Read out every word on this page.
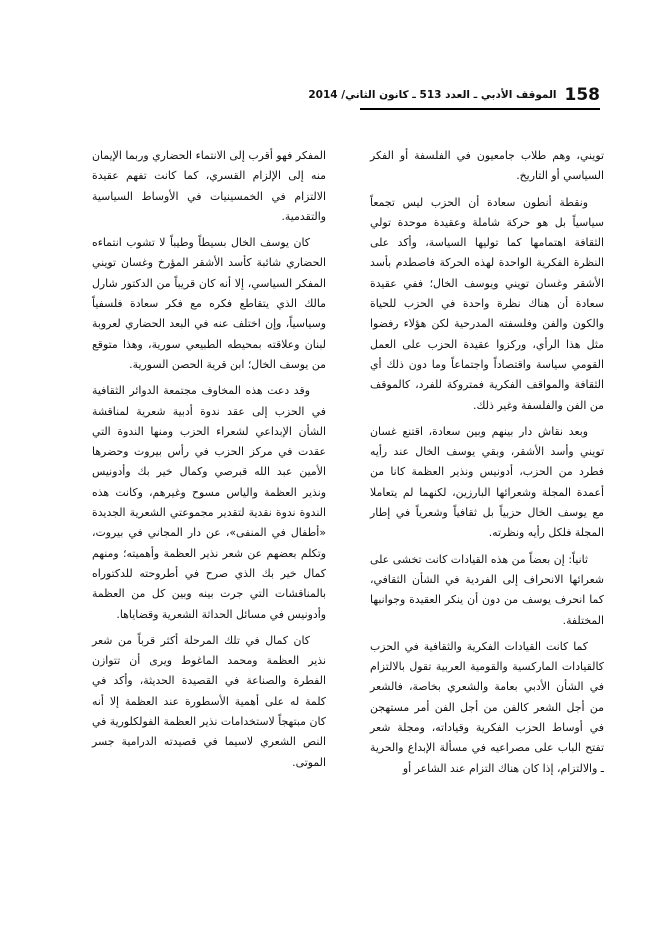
158
الموقف الأدبي ـ العدد 513 ـ كانون الثاني/ 2014

تويني، وهم طلاب جامعيون في الفلسفة أو الفكر السياسي أو التاريخ.

ونقطة أنطون سعادة أن الحزب ليس تجمعاً سياسياً بل هو حركة شاملة وعقيدة موحدة تولي الثقافة اهتمامها كما توليها السياسة، وأكد على النظرة الفكرية الواحدة لهذه الحركة فاصطدم بأسد الأشقر وغسان تويني ويوسف الخال؛ ففي عقيدة سعادة أن هناك نظرة واحدة في الحزب للحياة والكون والفن وفلسفته المدرحية لكن هؤلاء رفضوا مثل هذا الرأي، وركزوا عقيدة الحزب على العمل القومي سياسة واقتصاداً واجتماعاً وما دون ذلك أي الثقافة والمواقف الفكرية فمتروكة للفرد، كالموقف من الفن والفلسفة وغير ذلك.

وبعد نقاش دار بينهم وبين سعادة، اقتنع غسان تويني وأسد الأشقر، وبقي يوسف الخال عند رأيه فطرد من الحزب، أدونيس ونذير العظمة كانا من أعمدة المجلة وشعرائها البارزين، لكنهما لم يتعاملا مع يوسف الخال حزبياً بل ثقافياً وشعرياً في إطار المجلة فلكل رأيه ونظرته.

ثانياً: إن بعضاً من هذه القيادات كانت تخشى على شعرائها الانحراف إلى الفردية في الشأن الثقافي، كما انحرف يوسف من دون أن ينكر العقيدة وجوانبها المختلفة.

كما كانت القيادات الفكرية والثقافية في الحزب كالقيادات الماركسية والقومية العربية تقول بالالتزام في الشأن الأدبي بعامة والشعري بخاصة، فالشعر من أجل الشعر كالفن من أجل الفن أمر مستهجن في أوساط الحزب الفكرية وقياداته، ومجلة شعر تفتح الباب على مصراعيه في مسألة الإبداع والحرية ـ والالتزام، إذا كان هناك التزام عند الشاعر أو

المفكر فهو أقرب إلى الانتماء الحضاري وربما الإيمان منه إلى الإلزام القسري، كما كانت تفهم عقيدة الالتزام في الخمسينيات في الأوساط السياسية والتقدمية.

كان يوسف الخال بسيطاً وطيباً لا تشوب انتماءه الحضاري شائبة كأسد الأشقر المؤرخ وغسان تويني المفكر السياسي، إلا أنه كان قريباً من الدكتور شارل مالك الذي يتقاطع فكره مع فكر سعادة فلسفياً وسياسياً، وإن اختلف عنه في البعد الحضاري لعروبة لبنان وعلاقته بمحيطه الطبيعي سورية، وهذا متوقع من يوسف الخال؛ ابن قرية الحصن السورية.

وقد دعت هذه المخاوف مجتمعة الدوائر الثقافية في الحزب إلى عقد ندوة أدبية شعرية لمناقشة الشأن الإبداعي لشعراء الحزب ومنها الندوة التي عقدت في مركز الحزب في رأس بيروت وحضرها الأمين عبد الله قبرصي وكمال خير بك وأدونيس ونذير العظمة والياس مسوح وغيرهم، وكانت هذه الندوة ندوة نقدية لتقدير مجموعتي الشعرية الجديدة «أطفال في المنفى»، عن دار المجاني في بيروت، وتكلم بعضهم عن شعر نذير العظمة وأهميته؛ ومنهم كمال خير بك الذي صرح في أطروحته للدكتوراه بالمناقشات التي جرت بينه وبين كل من العظمة وأدونيس في مسائل الحداثة الشعرية وقضاياها.

كان كمال في تلك المرحلة أكثر قرباً من شعر نذير العظمة ومحمد الماغوط ويرى أن تتوازن الفطرة والصناعة في القصيدة الحديثة، وأكد في كلمة له على أهمية الأسطورة عند العظمة إلا أنه كان مبتهجاً لاستخدامات نذير العظمة الفولكلورية في النص الشعري لاسيما في قصيدته الدرامية جسر الموتى.
